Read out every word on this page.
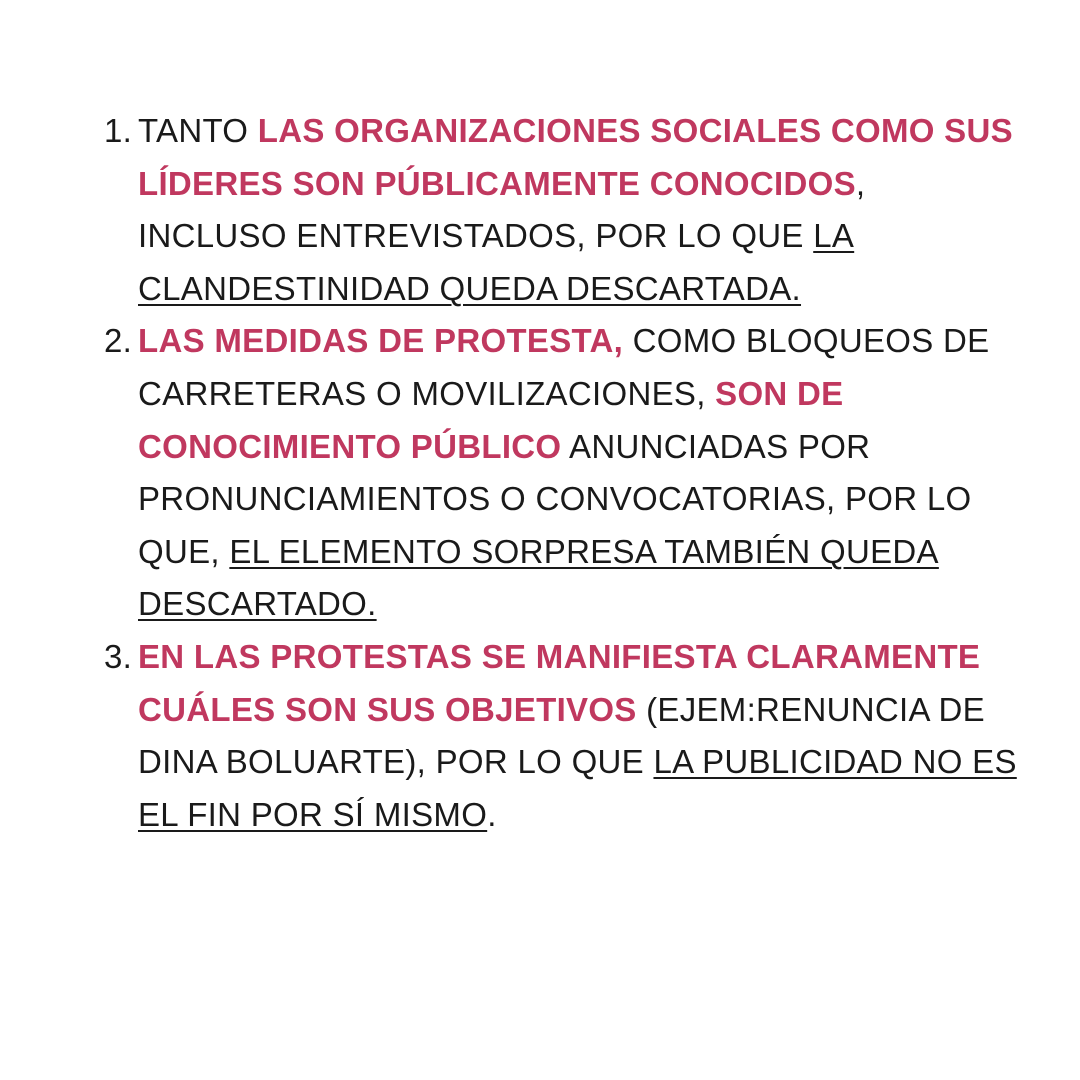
1. TANTO LAS ORGANIZACIONES SOCIALES COMO SUS LÍDERES SON PÚBLICAMENTE CONOCIDOS, INCLUSO ENTREVISTADOS, POR LO QUE LA CLANDESTINIDAD QUEDA DESCARTADA.
2. LAS MEDIDAS DE PROTESTA, COMO BLOQUEOS DE CARRETERAS O MOVILIZACIONES, SON DE CONOCIMIENTO PÚBLICO ANUNCIADAS POR PRONUNCIAMIENTOS O CONVOCATORIAS, POR LO QUE, EL ELEMENTO SORPRESA TAMBIÉN QUEDA DESCARTADO.
3. EN LAS PROTESTAS SE MANIFIESTA CLARAMENTE CUÁLES SON SUS OBJETIVOS (EJEM:RENUNCIA DE DINA BOLUARTE), POR LO QUE LA PUBLICIDAD NO ES EL FIN POR SÍ MISMO.
